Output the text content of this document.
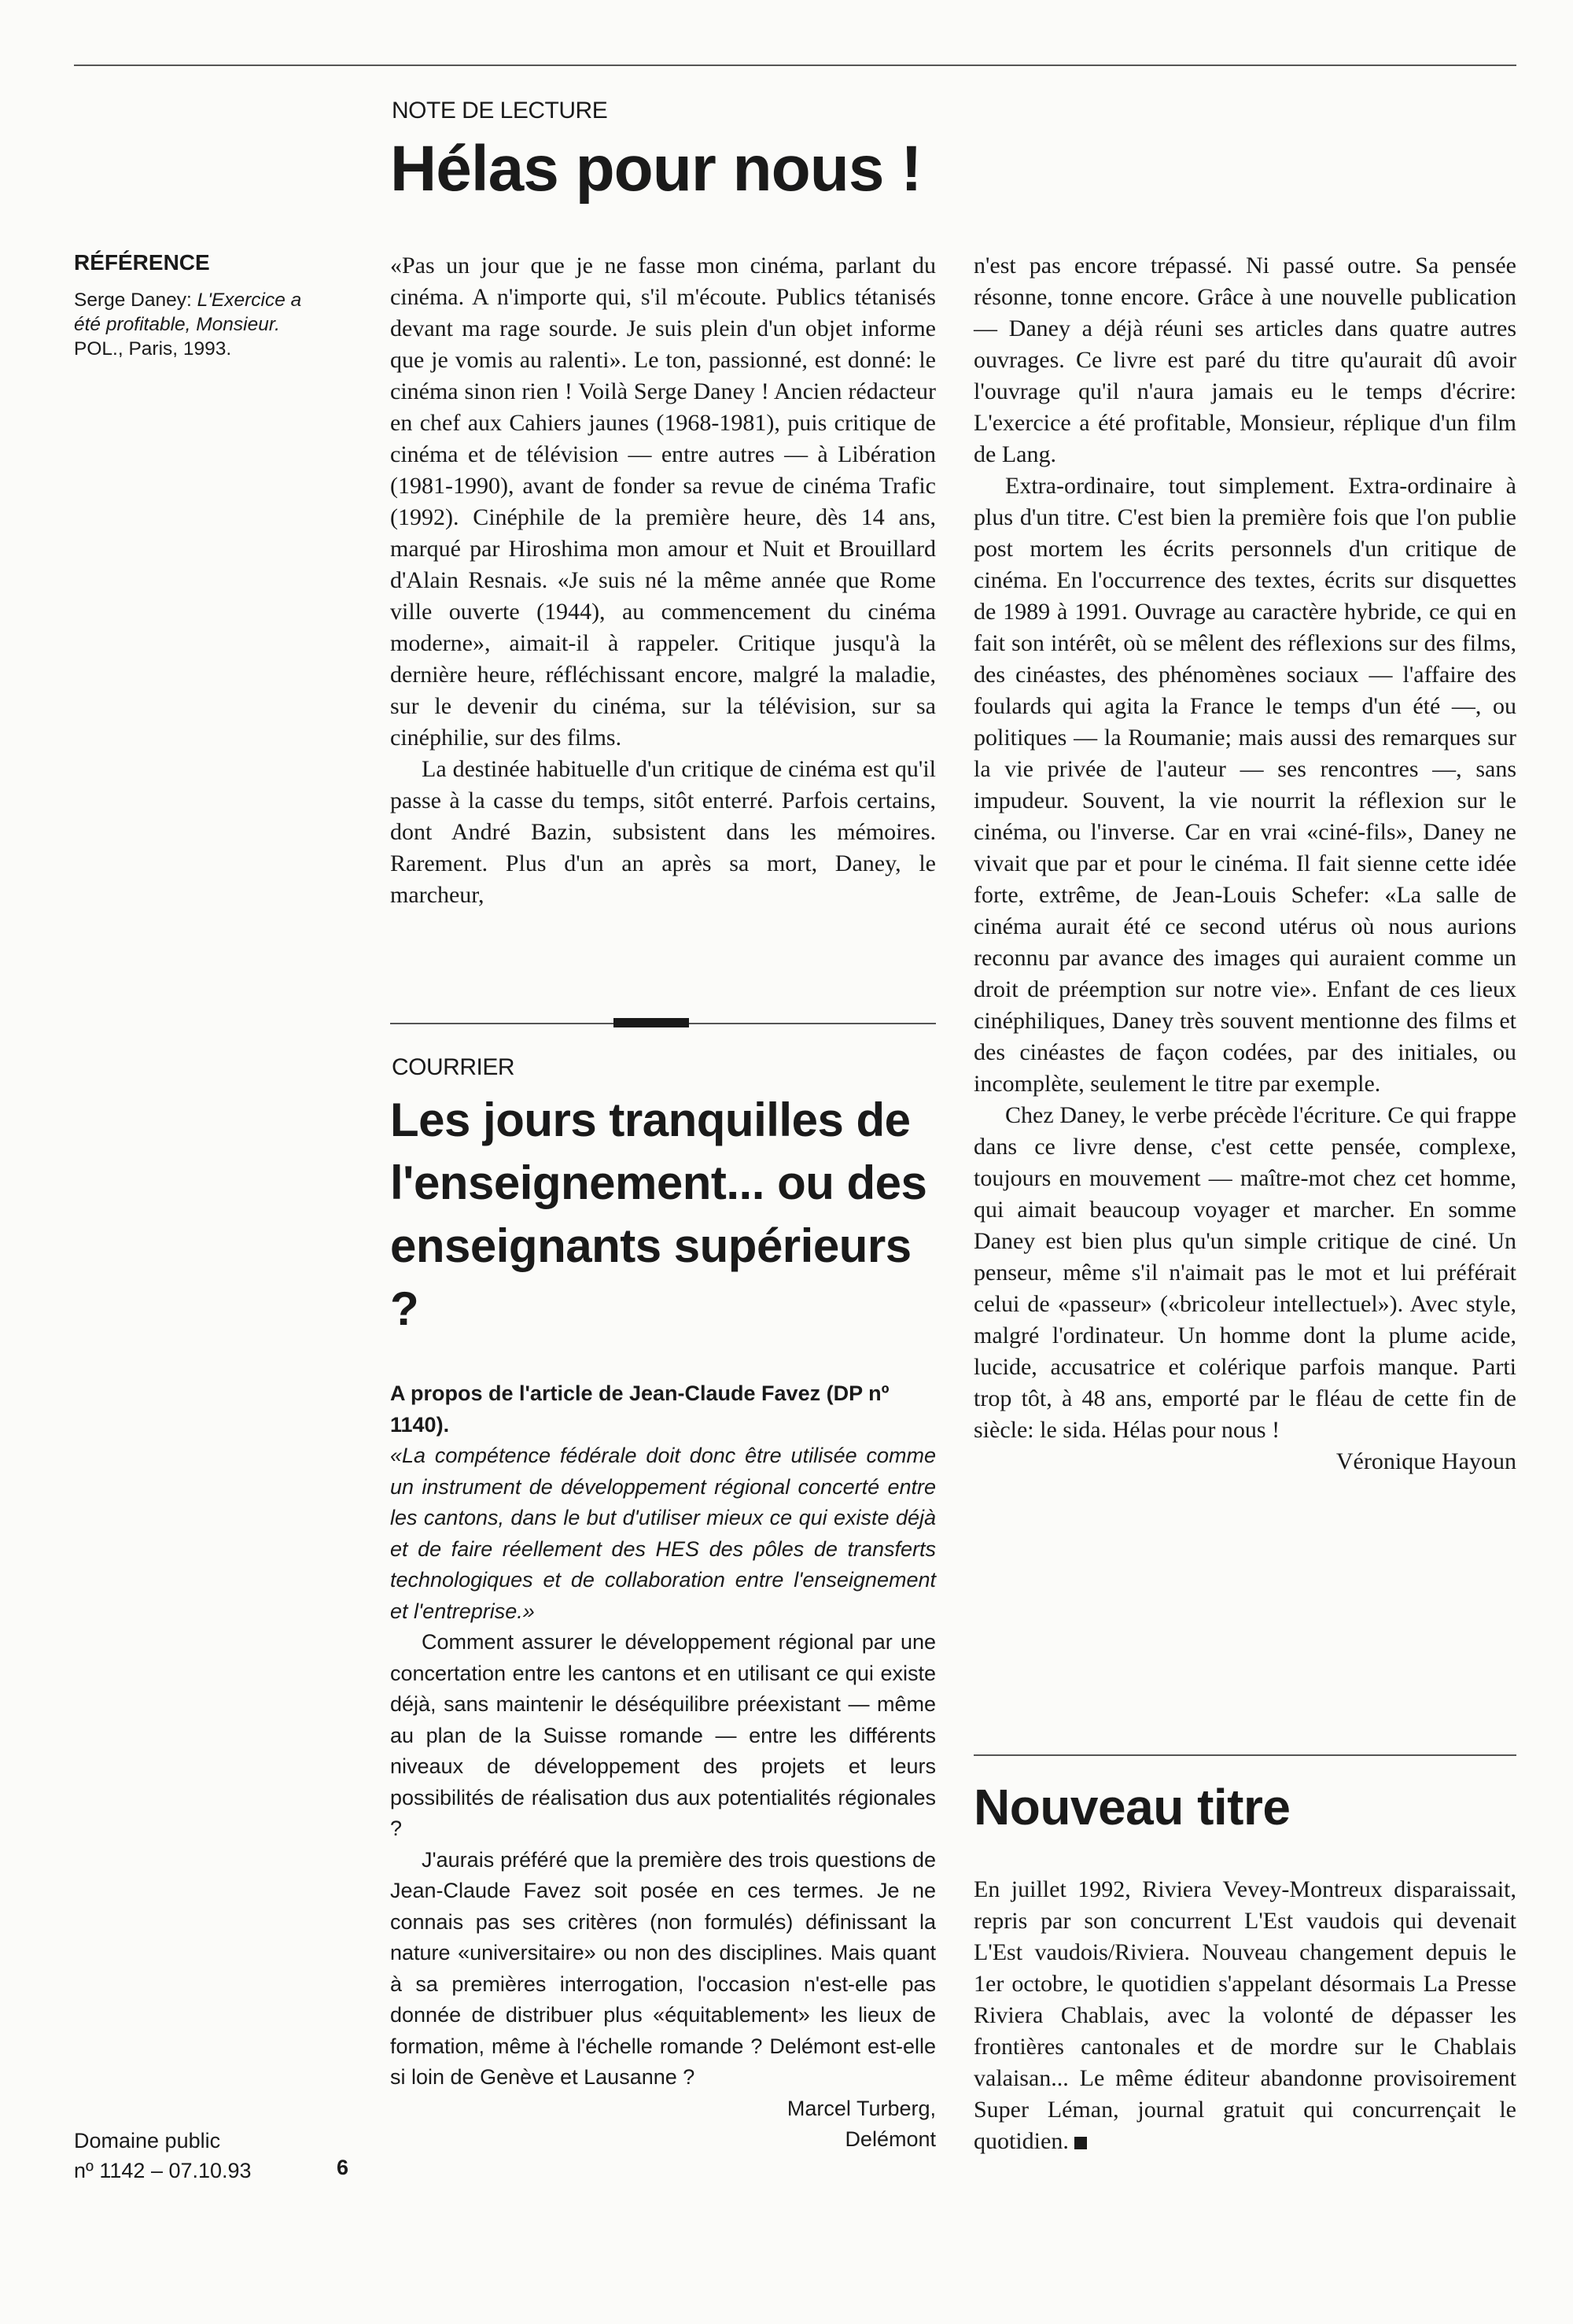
NOTE DE LECTURE
Hélas pour nous !
RÉFÉRENCE
Serge Daney: L'Exercice a été profitable, Monsieur. POL., Paris, 1993.

«Pas un jour que je ne fasse mon cinéma, parlant du cinéma. A n'importe qui, s'il m'écoute. Publics tétanisés devant ma rage sourde. Je suis plein d'un objet informe que je vomis au ralenti». Le ton, passionné, est donné: le cinéma sinon rien ! Voilà Serge Daney ! Ancien rédacteur en chef aux Cahiers jaunes (1968-1981), puis critique de cinéma et de télévision — entre autres — à Libération (1981-1990), avant de fonder sa revue de cinéma Trafic (1992). Cinéphile de la première heure, dès 14 ans, marqué par Hiroshima mon amour et Nuit et Brouillard d'Alain Resnais. «Je suis né la même année que Rome ville ouverte (1944), au commencement du cinéma moderne», aimait-il à rappeler. Critique jusqu'à la dernière heure, réfléchissant encore, malgré la maladie, sur le devenir du cinéma, sur la télévision, sur sa cinéphilie, sur des films.

La destinée habituelle d'un critique de cinéma est qu'il passe à la casse du temps, sitôt enterré. Parfois certains, dont André Bazin, subsistent dans les mémoires. Rarement. Plus d'un an après sa mort, Daney, le marcheur,

n'est pas encore trépassé. Ni passé outre. Sa pensée résonne, tonne encore. Grâce à une nouvelle publication — Daney a déjà réuni ses articles dans quatre autres ouvrages. Ce livre est paré du titre qu'aurait dû avoir l'ouvrage qu'il n'aura jamais eu le temps d'écrire: L'exercice a été profitable, Monsieur, réplique d'un film de Lang.

Extra-ordinaire, tout simplement. Extra-ordinaire à plus d'un titre. C'est bien la première fois que l'on publie post mortem les écrits personnels d'un critique de cinéma. En l'occurrence des textes, écrits sur disquettes de 1989 à 1991. Ouvrage au caractère hybride, ce qui en fait son intérêt, où se mêlent des réflexions sur des films, des cinéastes, des phénomènes sociaux — l'affaire des foulards qui agita la France le temps d'un été —, ou politiques — la Roumanie; mais aussi des remarques sur la vie privée de l'auteur — ses rencontres —, sans impudeur. Souvent, la vie nourrit la réflexion sur le cinéma, ou l'inverse. Car en vrai «ciné-fils», Daney ne vivait que par et pour le cinéma. Il fait sienne cette idée forte, extrême, de Jean-Louis Schefer: «La salle de cinéma aurait été ce second utérus où nous aurions reconnu par avance des images qui auraient comme un droit de préemption sur notre vie». Enfant de ces lieux cinéphiliques, Daney très souvent mentionne des films et des cinéastes de façon codées, par des initiales, ou incomplète, seulement le titre par exemple.

Chez Daney, le verbe précède l'écriture. Ce qui frappe dans ce livre dense, c'est cette pensée, complexe, toujours en mouvement — maître-mot chez cet homme, qui aimait beaucoup voyager et marcher. En somme Daney est bien plus qu'un simple critique de ciné. Un penseur, même s'il n'aimait pas le mot et lui préférait celui de «passeur» («bricoleur intellectuel»). Avec style, malgré l'ordinateur. Un homme dont la plume acide, lucide, accusatrice et colérique parfois manque. Parti trop tôt, à 48 ans, emporté par le fléau de cette fin de siècle: le sida. Hélas pour nous !

Véronique Hayoun

COURRIER
Les jours tranquilles de l'enseignement... ou des enseignants supérieurs ?

A propos de l'article de Jean-Claude Favez (DP nº 1140).

«La compétence fédérale doit donc être utilisée comme un instrument de développement régional concerté entre les cantons, dans le but d'utiliser mieux ce qui existe déjà et de faire réellement des HES des pôles de transferts technologiques et de collaboration entre l'enseignement et l'entreprise.»

Comment assurer le développement régional par une concertation entre les cantons et en utilisant ce qui existe déjà, sans maintenir le déséquilibre préexistant — même au plan de la Suisse romande — entre les différents niveaux de développement des projets et leurs possibilités de réalisation dus aux potentialités régionales ?

J'aurais préféré que la première des trois questions de Jean-Claude Favez soit posée en ces termes. Je ne connais pas ses critères (non formulés) définissant la nature «universitaire» ou non des disciplines. Mais quant à sa premières interrogation, l'occasion n'est-elle pas donnée de distribuer plus «équitablement» les lieux de formation, même à l'échelle romande ? Delémont est-elle si loin de Genève et Lausanne ?

Marcel Turberg,

Delémont

Nouveau titre

En juillet 1992, Riviera Vevey-Montreux disparaissait, repris par son concurrent L'Est vaudois qui devenait L'Est vaudois/Riviera. Nouveau changement depuis le 1er octobre, le quotidien s'appelant désormais La Presse Riviera Chablais, avec la volonté de dépasser les frontières cantonales et de mordre sur le Chablais valaisan... Le même éditeur abandonne provisoirement Super Léman, journal gratuit qui concurrençait le quotidien.

Domaine public
nº 1142 – 07.10.93	6
